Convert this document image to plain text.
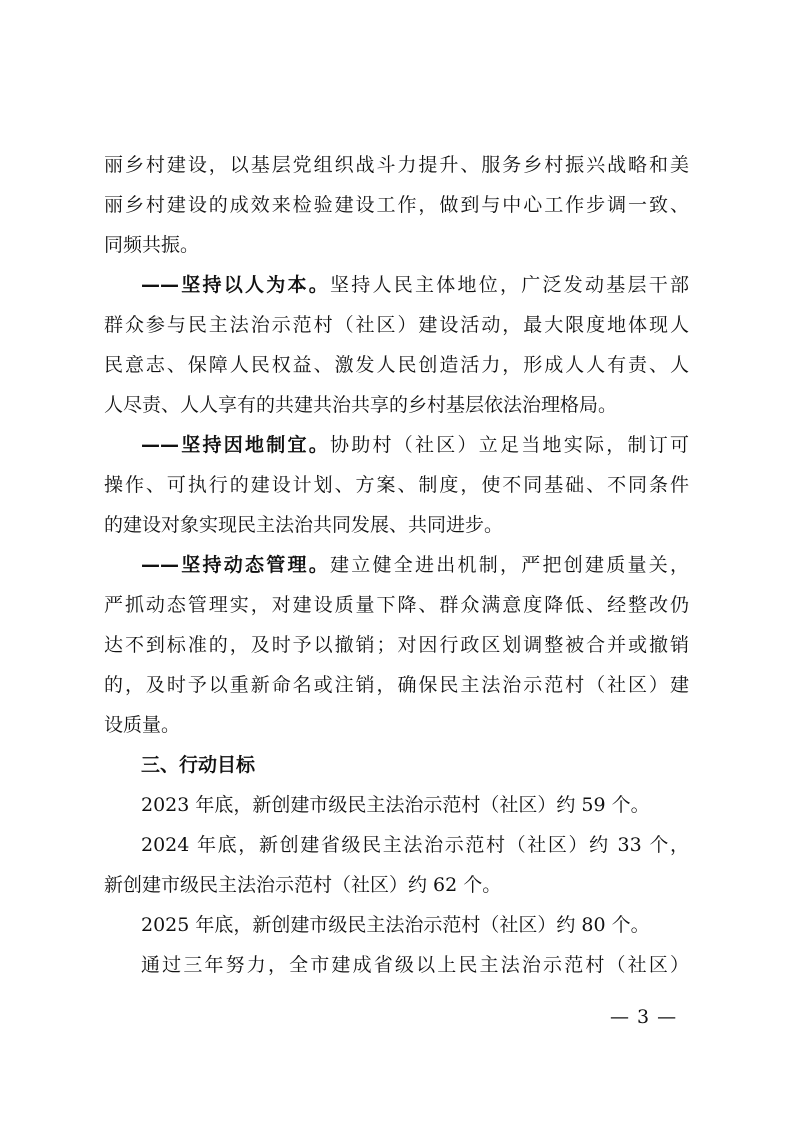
丽乡村建设，以基层党组织战斗力提升、服务乡村振兴战略和美
丽乡村建设的成效来检验建设工作，做到与中心工作步调一致、
同频共振。
——坚持以人为本。坚持人民主体地位，广泛发动基层干部
群众参与民主法治示范村（社区）建设活动，最大限度地体现人
民意志、保障人民权益、激发人民创造活力，形成人人有责、人
人尽责、人人享有的共建共治共享的乡村基层依法治理格局。
——坚持因地制宜。协助村（社区）立足当地实际，制订可
操作、可执行的建设计划、方案、制度，使不同基础、不同条件
的建设对象实现民主法治共同发展、共同进步。
——坚持动态管理。建立健全进出机制，严把创建质量关，
严抓动态管理实，对建设质量下降、群众满意度降低、经整改仍
达不到标准的，及时予以撤销；对因行政区划调整被合并或撤销
的，及时予以重新命名或注销，确保民主法治示范村（社区）建
设质量。
三、行动目标
2023 年底，新创建市级民主法治示范村（社区）约 59 个。
2024 年底，新创建省级民主法治示范村（社区）约 33 个，
新创建市级民主法治示范村（社区）约 62 个。
2025 年底，新创建市级民主法治示范村（社区）约 80 个。
通过三年努力，全市建成省级以上民主法治示范村（社区）
— 3 —
